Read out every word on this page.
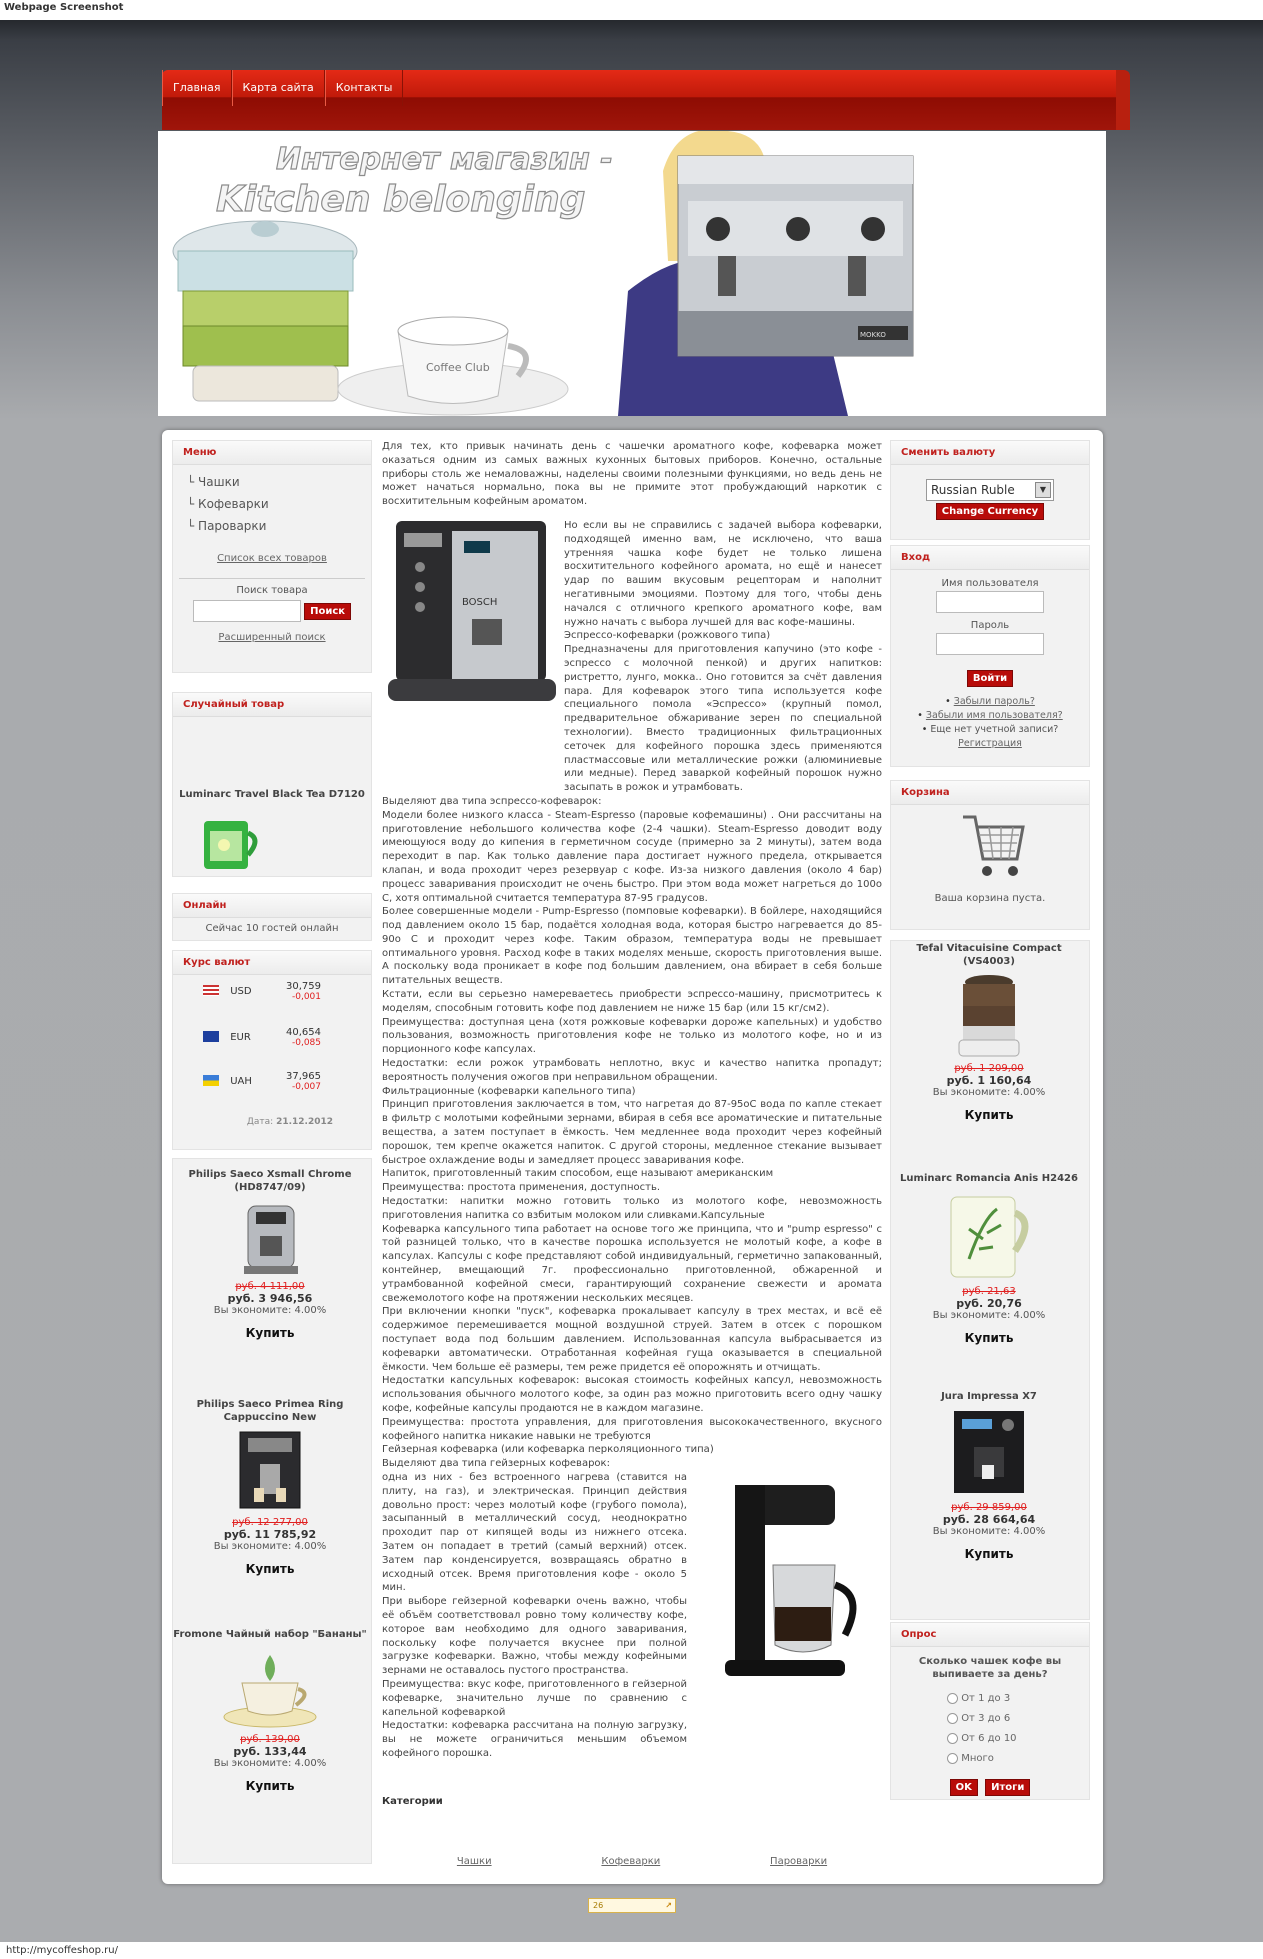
Webpage Screenshot
Главная	Карта сайта	Контакты
Coffee Club
MOKKO
Интернет магазин -
Kitchen belonging
Меню
└ Чашки
└ Кофеварки
└ Пароварки
Список всех товаров
Поиск товара
Поиск
Расширенный поиск
Случайный товар
Luminarc Travel Black Tea D7120
Онлайн
Сейчас 10 гостей онлайн
Курс валют
USD	30,759
-0,001
EUR	40,654
-0,085
UAH	37,965
-0,007
Дата: 21.12.2012
Philips Saeco Xsmall Chrome (HD8747/09)
руб. 4 111,00
руб. 3 946,56
Вы экономите: 4.00%
Купить
Philips Saeco Primea Ring Cappuccino New
руб. 12 277,00
руб. 11 785,92
Вы экономите: 4.00%
Купить
Fromone Чайный набор "Бананы"
руб. 139,00
руб. 133,44
Вы экономите: 4.00%
Купить

Для тех, кто привык начинать день с чашечки ароматного кофе, кофеварка может оказаться одним из самых важных кухонных бытовых приборов. Конечно, остальные приборы столь же немаловажны, наделены своими полезными функциями, но ведь день не может начаться нормально, пока вы не примите этот пробуждающий наркотик с восхитительным кофейным ароматом.

BOSCH

Но если вы не справились с задачей выбора кофеварки, подходящей именно вам, не исключено, что ваша утренняя чашка кофе будет не только лишена восхитительного кофейного аромата, но ещё и нанесет удар по вашим вкусовым рецепторам и наполнит негативными эмоциями. Поэтому для того, чтобы день начался с отличного крепкого ароматного кофе, вам нужно начать с выбора лучшей для вас кофе-машины.

Эспрессо-кофеварки (рожкового типа)

Предназначены для приготовления капучино (это кофе - эспрессо с молочной пенкой) и других напитков: ристретто, лунго, мокка.. Оно готовится за счёт давления пара. Для кофеварок этого типа используется кофе специального помола «Эспрессо» (крупный помол, предварительное обжаривание зерен по специальной технологии). Вместо традиционных фильтрационных сеточек для кофейного порошка здесь применяются пластмассовые или металлические рожки (алюминиевые или медные). Перед заваркой кофейный порошок нужно засыпать в рожок и утрамбовать.

Выделяют два типа эспрессо-кофеварок:
Модели более низкого класса - Steam-Espresso (паровые кофемашины) . Они рассчитаны на приготовление небольшого количества кофе (2-4 чашки). Steam-Espresso доводит воду имеющуюся воду до кипения в герметичном сосуде (примерно за 2 минуты), затем вода переходит в пар. Как только давление пара достигает нужного предела, открывается клапан, и вода проходит через резервуар с кофе. Из-за низкого давления (около 4 бар) процесс заваривания происходит не очень быстро. При этом вода может нагреться до 100о С, хотя оптимальной считается температура 87-95 градусов.
Более совершенные модели - Pump-Espresso (помповые кофеварки). В бойлере, находящийся под давлением около 15 бар, подаётся холодная вода, которая быстро нагревается до 85-90о С и проходит через кофе. Таким образом, температура воды не превышает оптимального уровня. Расход кофе в таких моделях меньше, скорость приготовления выше. А поскольку вода проникает в кофе под большим давлением, она вбирает в себя больше питательных веществ.
Кстати, если вы серьезно намереваетесь приобрести эспрессо-машину, присмотритесь к моделям, способным готовить кофе под давлением не ниже 15 бар (или 15 кг/см2).
Преимущества: доступная цена (хотя рожковые кофеварки дороже капельных) и удобство пользования, возможность приготовления кофе не только из молотого кофе, но и из порционного кофе капсулах.
Недостатки: если рожок утрамбовать неплотно, вкус и качество напитка пропадут; вероятность получения ожогов при неправильном обращении.
Фильтрационные (кофеварки капельного типа)
Принцип приготовления заключается в том, что нагретая до 87-95оС вода по капле стекает в фильтр с молотыми кофейными зернами, вбирая в себя все ароматические и питательные вещества, а затем поступает в ёмкость. Чем медленнее вода проходит через кофейный порошок, тем крепче окажется напиток. С другой стороны, медленное стекание вызывает быстрое охлаждение воды и замедляет процесс заваривания кофе.
Напиток, приготовленный таким способом, еще называют американским
Преимущества: простота применения, доступность.
Недостатки: напитки можно готовить только из молотого кофе, невозможность приготовления напитка со взбитым молоком или сливками.Капсульные
Кофеварка капсульного типа работает на основе того же принципа, что и "pump espresso" с той разницей только, что в качестве порошка используется не молотый кофе, а кофе в капсулах. Капсулы с кофе представляют собой индивидуальный, герметично запакованный, контейнер, вмещающий 7г. профессионально приготовленной, обжаренной и утрамбованной кофейной смеси, гарантирующий сохранение свежести и аромата свежемолотого кофе на протяжении нескольких месяцев.
При включении кнопки "пуск", кофеварка прокалывает капсулу в трех местах, и всё её содержимое перемешивается мощной воздушной струей. Затем в отсек с порошком поступает вода под большим давлением. Использованная капсула выбрасывается из кофеварки автоматически. Отработанная кофейная гуща оказывается в специальной ёмкости. Чем больше её размеры, тем реже придется её опорожнять и отчищать.
Недостатки капсульных кофеварок: высокая стоимость кофейных капсул, невозможность использования обычного молотого кофе, за один раз можно приготовить всего одну чашку кофе, кофейные капсулы продаются не в каждом магазине.
Преимущества: простота управления, для приготовления высококачественного, вкусного кофейного напитка никакие навыки не требуются
Гейзерная кофеварка (или кофеварка перколяционного типа)
Выделяют два типа гейзерных кофеварок:

одна из них - без встроенного нагрева (ставится на плиту, на газ), и электрическая. Принцип действия довольно прост: через молотый кофе (грубого помола), засыпанный в металлический сосуд, неоднократно проходит пар от кипящей воды из нижнего отсека. Затем он попадает в третий (самый верхний) отсек. Затем пар конденсируется, возвращаясь обратно в исходный отсек. Время приготовления кофе - около 5 мин.
При выборе гейзерной кофеварки очень важно, чтобы её объём соответствовал ровно тому количеству кофе, которое вам необходимо для одного заваривания, поскольку кофе получается вкуснее при полной загрузке кофеварки. Важно, чтобы между кофейными зернами не оставалось пустого пространства.
Преимущества: вкус кофе, приготовленного в гейзерной кофеварке, значительно лучше по сравнению с капельной кофеваркой
Недостатки: кофеварка рассчитана на полную загрузку, вы не можете ограничиться меньшим объемом кофейного порошка.

Категории
Чашки	Кофеварки	Пароварки
Сменить валюту
Russian Ruble	▼
Change Currency
Вход
Имя пользователя
Пароль
Войти
• Забыли пароль?
• Забыли имя пользователя?
• Еще нет учетной записи?
Регистрация
Корзина
Ваша корзина пуста.
Tefal Vitacuisine Compact (VS4003)
руб. 1 209,00
руб. 1 160,64
Вы экономите: 4.00%
Купить
Luminarc Romancia Anis H2426
руб. 21,63
руб. 20,76
Вы экономите: 4.00%
Купить
Jura Impressa X7
руб. 29 859,00
руб. 28 664,64
Вы экономите: 4.00%
Купить
Опрос
Сколько чашек кофе вы выпиваете за день?
От 1 до 3
От 3 до 6
От 6 до 10
Много
OK Итоги
26	↗
http://mycoffeshop.ru/
